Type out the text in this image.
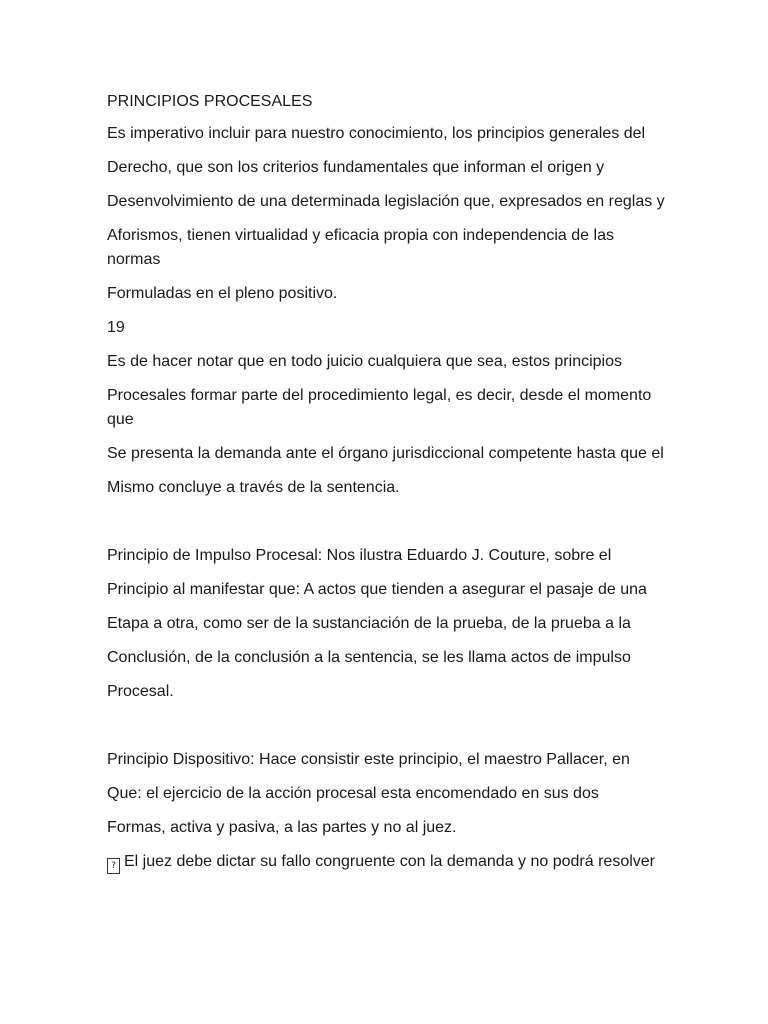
PRINCIPIOS PROCESALES
Es imperativo incluir para nuestro conocimiento, los principios generales del
Derecho, que son los criterios fundamentales que informan el origen y
Desenvolvimiento de una determinada legislación que, expresados en reglas y
Aforismos, tienen virtualidad y eficacia propia con independencia de las normas
Formuladas en el pleno positivo.
19
Es de hacer notar que en todo juicio cualquiera que sea, estos principios
Procesales formar parte del procedimiento legal, es decir, desde el momento que
Se presenta la demanda ante el órgano jurisdiccional competente hasta que el
Mismo concluye a través de la sentencia.
Principio de Impulso Procesal: Nos ilustra Eduardo J. Couture, sobre el
Principio al manifestar que: A actos que tienden a asegurar el pasaje de una
Etapa a otra, como ser de la sustanciación de la prueba, de la prueba a la
Conclusión, de la conclusión a la sentencia, se les llama actos de impulso
Procesal.
Principio Dispositivo: Hace consistir este principio, el maestro Pallacer, en
Que: el ejercicio de la acción procesal esta encomendado en sus dos
Formas, activa y pasiva, a las partes y no al juez.
? El juez debe dictar su fallo congruente con la demanda y no podrá resolver
